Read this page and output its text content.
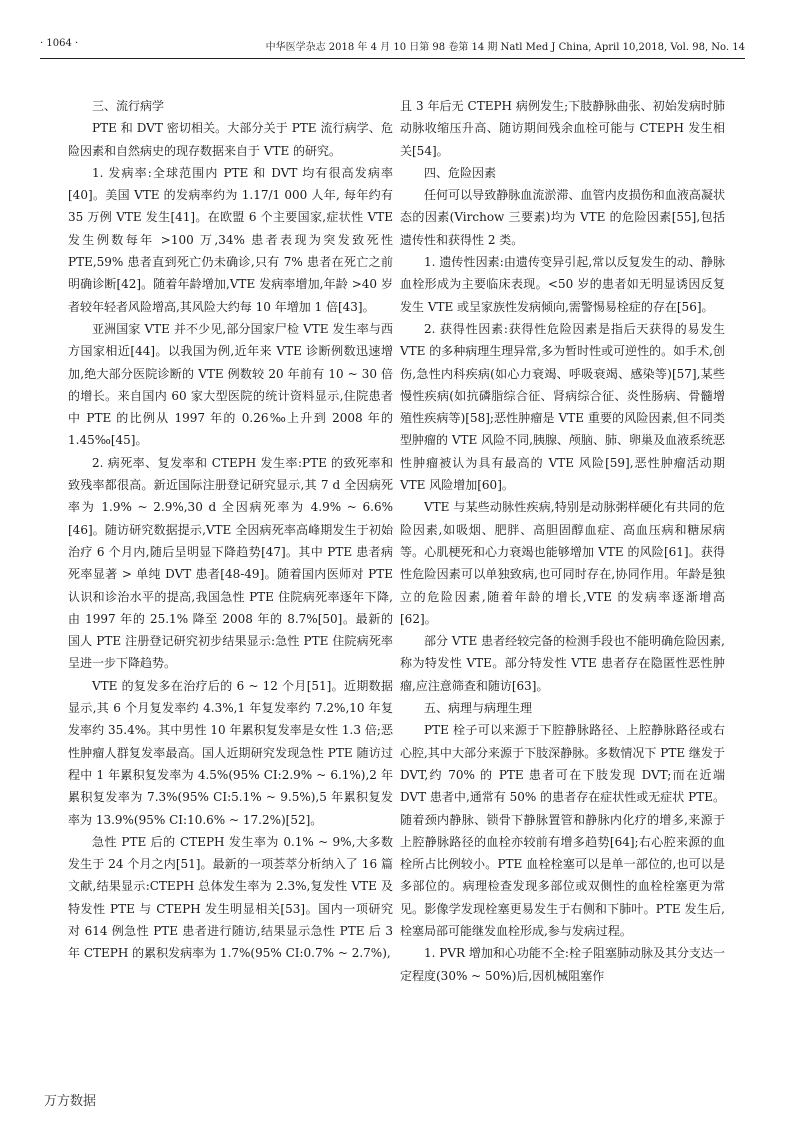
· 1064 ·	中华医学杂志 2018 年 4 月 10 日第 98 卷第 14 期 Natl Med J China, April 10,2018, Vol. 98, No. 14
三、流行病学

PTE 和 DVT 密切相关。大部分关于 PTE 流行病学、危险因素和自然病史的现存数据来自于 VTE 的研究。

1. 发病率:全球范围内 PTE 和 DVT 均有很高发病率[40]。美国 VTE 的发病率约为 1.17/1 000 人年, 每年约有 35 万例 VTE 发生[41]。在欧盟 6 个主要国家,症状性 VTE 发生例数每年 >100 万,34% 患者表现为突发致死性 PTE,59% 患者直到死亡仍未确诊,只有 7% 患者在死亡之前明确诊断[42]。随着年龄增加,VTE 发病率增加,年龄 >40 岁者较年轻者风险增高,其风险大约每 10 年增加 1 倍[43]。

亚洲国家 VTE 并不少见,部分国家尸检 VTE 发生率与西方国家相近[44]。以我国为例,近年来 VTE 诊断例数迅速增加,绝大部分医院诊断的 VTE 例数较 20 年前有 10 ~ 30 倍的增长。来自国内 60 家大型医院的统计资料显示,住院患者中 PTE 的比例从 1997 年的 0.26‰上升到 2008 年的 1.45‰[45]。

2. 病死率、复发率和 CTEPH 发生率:PTE 的致死率和致残率都很高。新近国际注册登记研究显示,其 7 d 全因病死率为 1.9% ~ 2.9%,30 d 全因病死率为 4.9% ~ 6.6%[46]。随访研究数据提示,VTE 全因病死率高峰期发生于初始治疗 6 个月内,随后呈明显下降趋势[47]。其中 PTE 患者病死率显著 > 单纯 DVT 患者[48-49]。随着国内医师对 PTE 认识和诊治水平的提高,我国急性 PTE 住院病死率逐年下降,由 1997 年的 25.1% 降至 2008 年的 8.7%[50]。最新的国人 PTE 注册登记研究初步结果显示:急性 PTE 住院病死率呈进一步下降趋势。

VTE 的复发多在治疗后的 6 ~ 12 个月[51]。近期数据显示,其 6 个月复发率约 4.3%,1 年复发率约 7.2%,10 年复发率约 35.4%。其中男性 10 年累积复发率是女性 1.3 倍;恶性肿瘤人群复发率最高。国人近期研究发现急性 PTE 随访过程中 1 年累积复发率为 4.5%(95% CI:2.9% ~ 6.1%),2 年累积复发率为 7.3%(95% CI:5.1% ~ 9.5%),5 年累积复发率为 13.9%(95% CI:10.6% ~ 17.2%)[52]。

急性 PTE 后的 CTEPH 发生率为 0.1% ~ 9%,大多数发生于 24 个月之内[51]。最新的一项荟萃分析纳入了 16 篇文献,结果显示:CTEPH 总体发生率为 2.3%,复发性 VTE 及特发性 PTE 与 CTEPH 发生明显相关[53]。国内一项研究对 614 例急性 PTE 患者进行随访,结果显示急性 PTE 后 3 年 CTEPH 的累积发病率为 1.7%(95% CI:0.7% ~ 2.7%),

且 3 年后无 CTEPH 病例发生;下肢静脉曲张、初始发病时肺动脉收缩压升高、随访期间残余血栓可能与 CTEPH 发生相关[54]。

四、危险因素

任何可以导致静脉血流淤滞、血管内皮损伤和血液高凝状态的因素(Virchow 三要素)均为 VTE 的危险因素[55],包括遗传性和获得性 2 类。

1. 遗传性因素:由遗传变异引起,常以反复发生的动、静脉血栓形成为主要临床表现。<50 岁的患者如无明显诱因反复发生 VTE 或呈家族性发病倾向,需警惕易栓症的存在[56]。

2. 获得性因素:获得性危险因素是指后天获得的易发生 VTE 的多种病理生理异常,多为暂时性或可逆性的。如手术,创伤,急性内科疾病(如心力衰竭、呼吸衰竭、感染等)[57],某些慢性疾病(如抗磷脂综合征、肾病综合征、炎性肠病、骨髓增殖性疾病等)[58];恶性肿瘤是 VTE 重要的风险因素,但不同类型肿瘤的 VTE 风险不同,胰腺、颅脑、肺、卵巢及血液系统恶性肿瘤被认为具有最高的 VTE 风险[59],恶性肿瘤活动期 VTE 风险增加[60]。

VTE 与某些动脉性疾病,特别是动脉粥样硬化有共同的危险因素,如吸烟、肥胖、高胆固醇血症、高血压病和糖尿病等。心肌梗死和心力衰竭也能够增加 VTE 的风险[61]。获得性危险因素可以单独致病,也可同时存在,协同作用。年龄是独立的危险因素,随着年龄的增长,VTE 的发病率逐渐增高[62]。

部分 VTE 患者经较完备的检测手段也不能明确危险因素,称为特发性 VTE。部分特发性 VTE 患者存在隐匿性恶性肿瘤,应注意筛查和随访[63]。

五、病理与病理生理

PTE 栓子可以来源于下腔静脉路径、上腔静脉路径或右心腔,其中大部分来源于下肢深静脉。多数情况下 PTE 继发于 DVT,约 70% 的 PTE 患者可在下肢发现 DVT;而在近端 DVT 患者中,通常有 50% 的患者存在症状性或无症状 PTE。随着颈内静脉、锁骨下静脉置管和静脉内化疗的增多,来源于上腔静脉路径的血栓亦较前有增多趋势[64];右心腔来源的血栓所占比例较小。PTE 血栓栓塞可以是单一部位的,也可以是多部位的。病理检查发现多部位或双侧性的血栓栓塞更为常见。影像学发现栓塞更易发生于右侧和下肺叶。PTE 发生后,栓塞局部可能继发血栓形成,参与发病过程。

1. PVR 增加和心功能不全:栓子阻塞肺动脉及其分支达一定程度(30% ~ 50%)后,因机械阻塞作

万方数据
